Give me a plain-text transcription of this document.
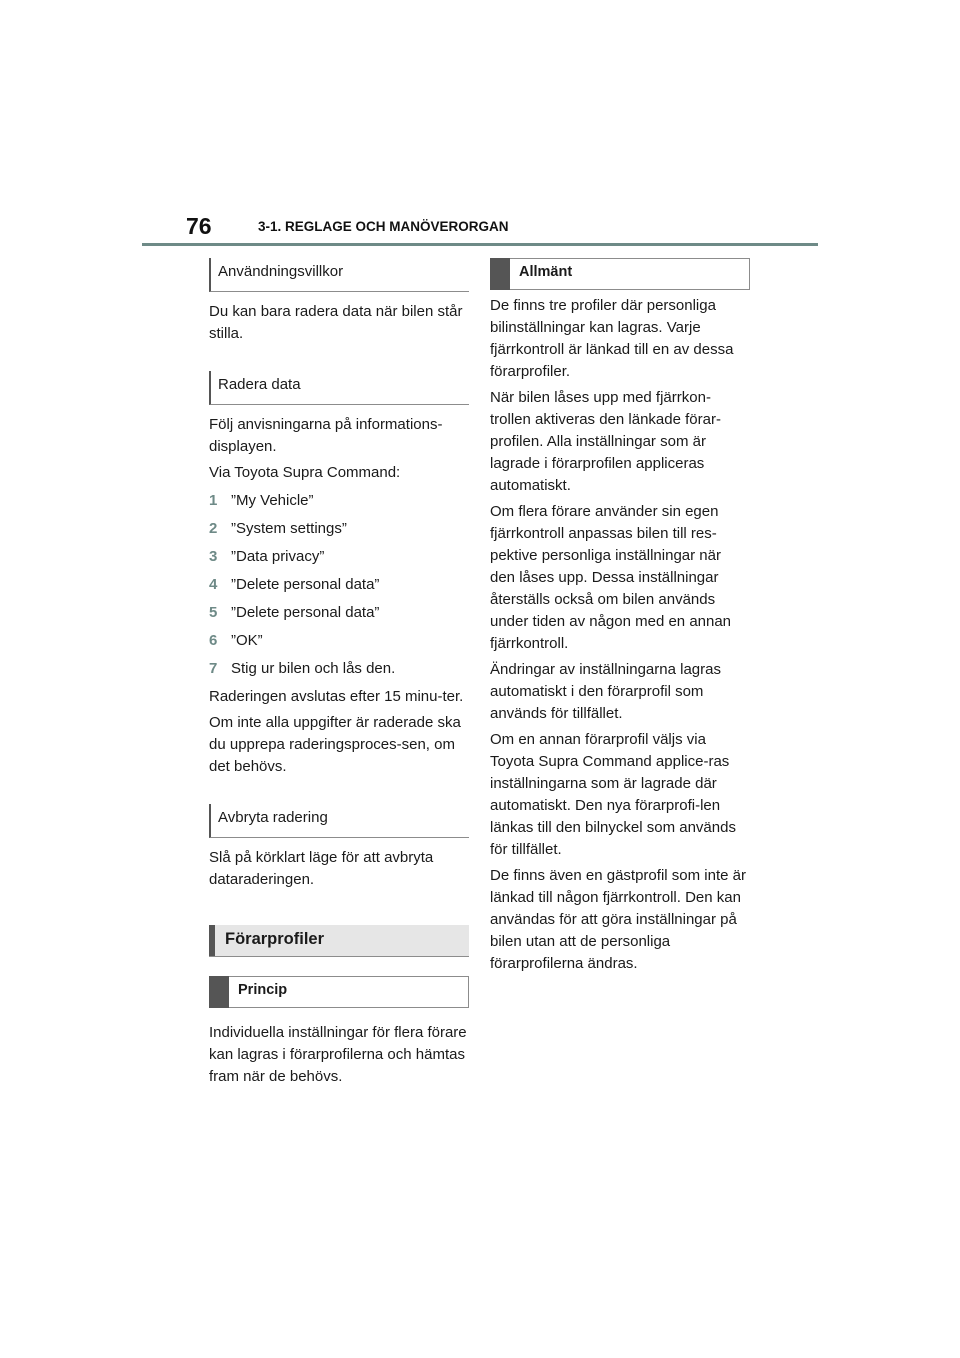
76	3-1. REGLAGE OCH MANÖVERORGAN
Användningsvillkor

Du kan bara radera data när bilen står stilla.

Radera data

Följ anvisningarna på informations-displayen.

Via Toyota Supra Command:

1 ”My Vehicle”
2 ”System settings”
3 ”Data privacy”
4 ”Delete personal data”
5 ”Delete personal data”
6 ”OK”
7 Stig ur bilen och lås den.

Raderingen avslutas efter 15 minu-ter.

Om inte alla uppgifter är raderade ska du upprepa raderingsproces-sen, om det behövs.

Avbryta radering

Slå på körklart läge för att avbryta dataraderingen.

Förarprofiler
Princip

Individuella inställningar för flera förare kan lagras i förarprofilerna och hämtas fram när de behövs.

Allmänt

De finns tre profiler där personliga bilinställningar kan lagras. Varje fjärrkontroll är länkad till en av dessa förarprofiler.

När bilen låses upp med fjärrkon-trollen aktiveras den länkade förar-profilen. Alla inställningar som är lagrade i förarprofilen appliceras automatiskt.

Om flera förare använder sin egen fjärrkontroll anpassas bilen till res-pektive personliga inställningar när den låses upp. Dessa inställningar återställs också om bilen används under tiden av någon med en annan fjärrkontroll.

Ändringar av inställningarna lagras automatiskt i den förarprofil som används för tillfället.

Om en annan förarprofil väljs via Toyota Supra Command applice-ras inställningarna som är lagrade där automatiskt. Den nya förarprofi-len länkas till den bilnyckel som används för tillfället.

De finns även en gästprofil som inte är länkad till någon fjärrkontroll. Den kan användas för att göra inställningar på bilen utan att de personliga förarprofilerna ändras.
